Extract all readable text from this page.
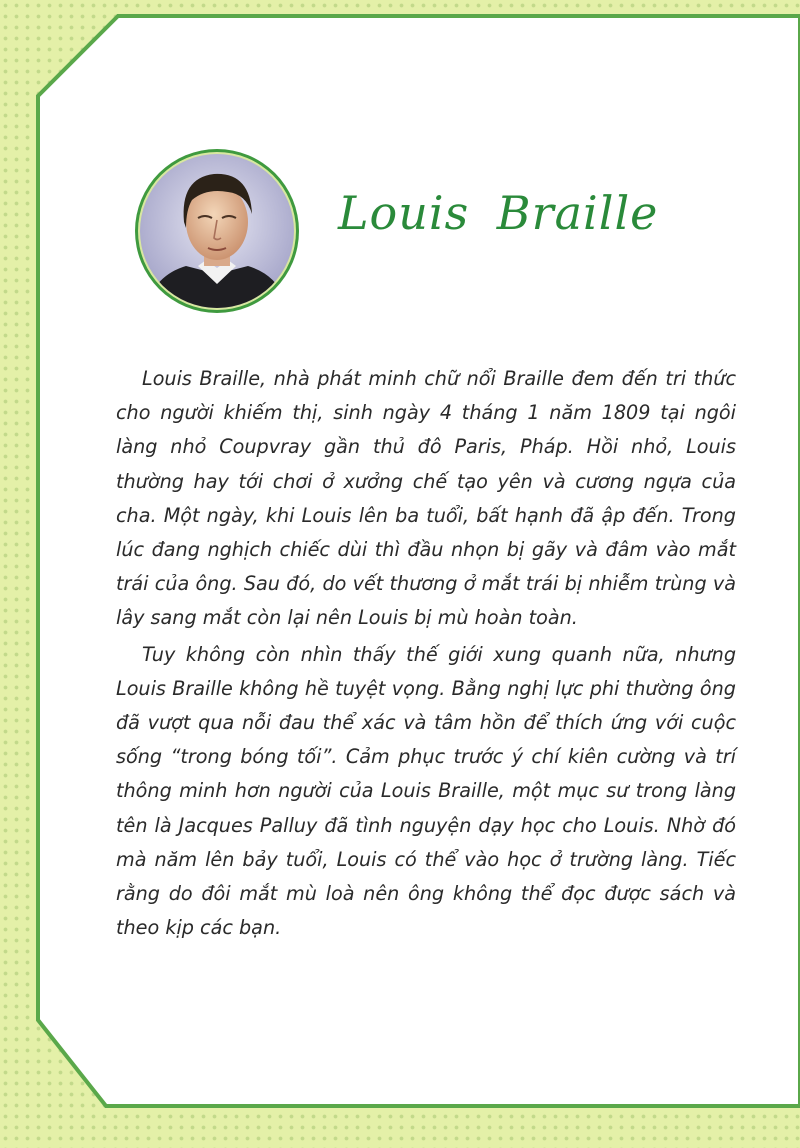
Louis Braille

Louis Braille, nhà phát minh chữ nổi Braille đem đến tri thức cho người khiếm thị, sinh ngày 4 tháng 1 năm 1809 tại ngôi làng nhỏ Coupvray gần thủ đô Paris, Pháp. Hồi nhỏ, Louis thường hay tới chơi ở xưởng chế tạo yên và cương ngựa của cha. Một ngày, khi Louis lên ba tuổi, bất hạnh đã ập đến. Trong lúc đang nghịch chiếc dùi thì đầu nhọn bị gãy và đâm vào mắt trái của ông. Sau đó, do vết thương ở mắt trái bị nhiễm trùng và lây sang mắt còn lại nên Louis bị mù hoàn toàn.

Tuy không còn nhìn thấy thế giới xung quanh nữa, nhưng Louis Braille không hề tuyệt vọng. Bằng nghị lực phi thường ông đã vượt qua nỗi đau thể xác và tâm hồn để thích ứng với cuộc sống “trong bóng tối”. Cảm phục trước ý chí kiên cường và trí thông minh hơn người của Louis Braille, một mục sư trong làng tên là Jacques Palluy đã tình nguyện dạy học cho Louis. Nhờ đó mà năm lên bảy tuổi, Louis có thể vào học ở trường làng. Tiếc rằng do đôi mắt mù loà nên ông không thể đọc được sách và theo kịp các bạn.
